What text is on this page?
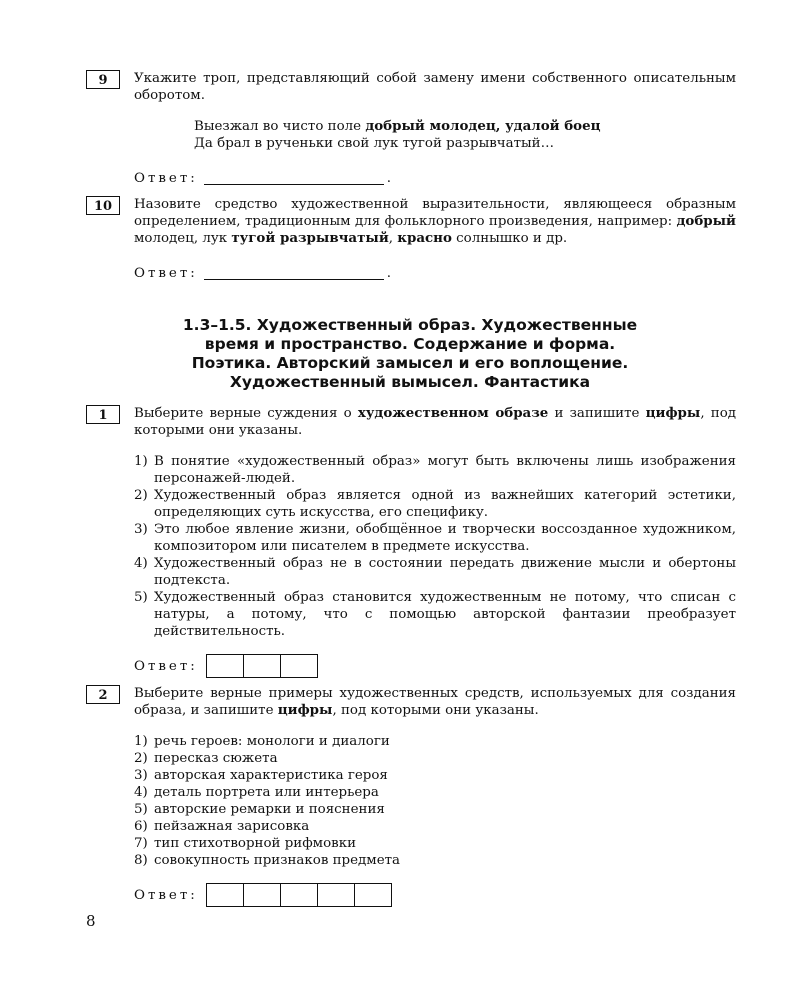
9	Укажите троп, представляющий собой замену имени собственного описательным оборотом.

Выезжал во чисто поле добрый молодец, удалой боец
Да брал в рученьки свой лук тугой разрывчатый…
Ответ:	.
10	Назовите средство художественной выразительности, являющееся образным определением, традиционным для фольклорного произведения, например: добрый молодец, лук тугой разрывчатый, красно солнышко и др.

Ответ:	.
1.3–1.5. Художественный образ. Художественные
время и пространство. Содержание и форма.
Поэтика. Авторский замысел и его воплощение.
Художественный вымысел. Фантастика
1	Выберите верные суждения о художественном образе и запишите цифры, под которыми они указаны.

1) В понятие «художественный образ» могут быть включены лишь изображения персонажей-людей.
2) Художественный образ является одной из важнейших категорий эстетики, определяющих суть искусства, его специфику.
3) Это любое явление жизни, обобщённое и творчески воссозданное художником, композитором или писателем в предмете искусства.
4) Художественный образ не в состоянии передать движение мысли и обертоны подтекста.
5) Художественный образ становится художественным не потому, что списан с натуры, а потому, что с помощью авторской фантазии преобразует действительность.
Ответ:
2	Выберите верные примеры художественных средств, используемых для создания образа, и запишите цифры, под которыми они указаны.

1) речь героев: монологи и диалоги
2) пересказ сюжета
3) авторская характеристика героя
4) деталь портрета или интерьера
5) авторские ремарки и пояснения
6) пейзажная зарисовка
7) тип стихотворной рифмовки
8) совокупность признаков предмета
Ответ:
8
